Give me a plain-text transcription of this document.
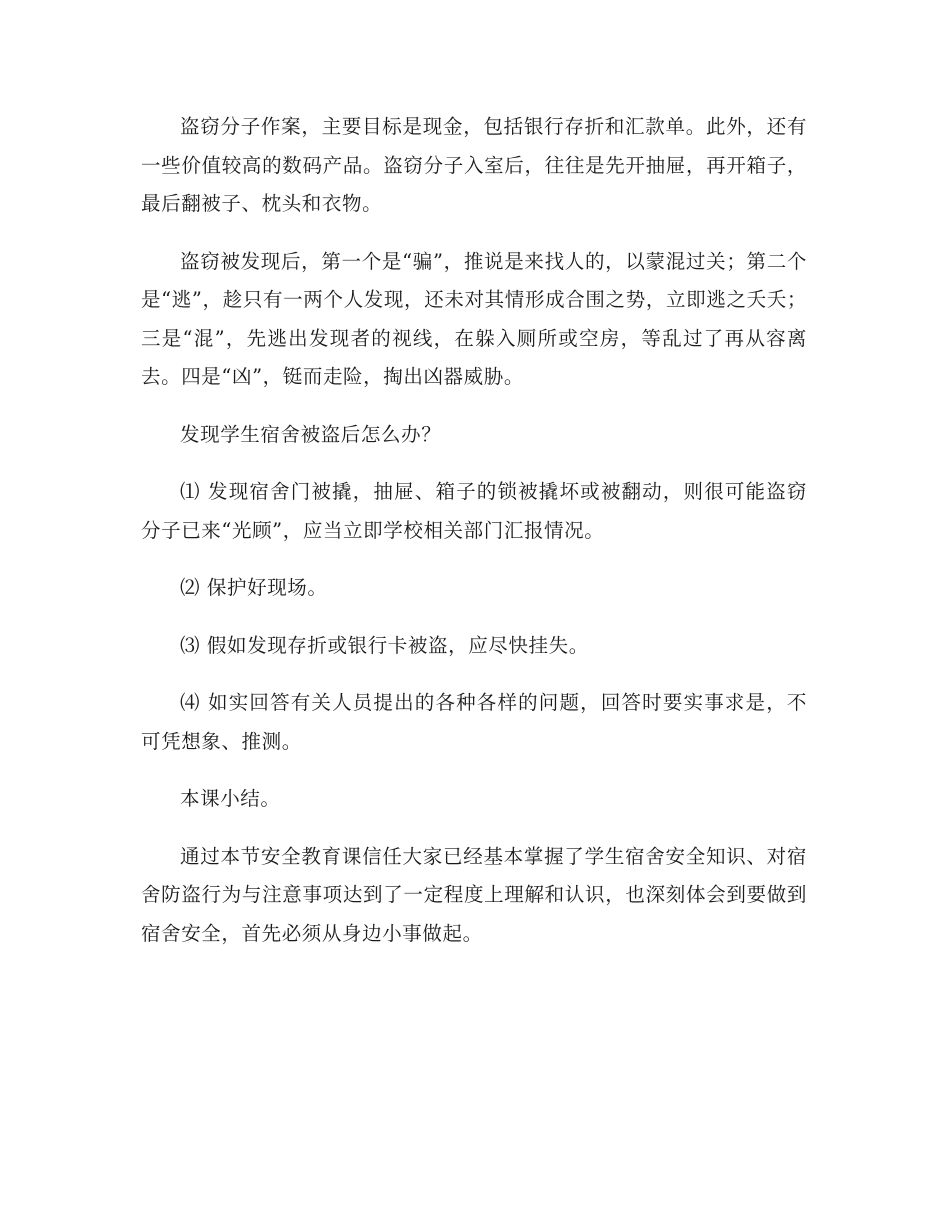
盗窃分子作案，主要目标是现金，包括银行存折和汇款单。此外，还有一些价值较高的数码产品。盗窃分子入室后，往往是先开抽屉，再开箱子，最后翻被子、枕头和衣物。

盗窃被发现后，第一个是“骗”，推说是来找人的，以蒙混过关；第二个是“逃”，趁只有一两个人发现，还未对其情形成合围之势，立即逃之夭夭；三是“混”，先逃出发现者的视线，在躲入厕所或空房，等乱过了再从容离去。四是“凶”，铤而走险，掏出凶器威胁。

发现学生宿舍被盗后怎么办？

⑴ 发现宿舍门被撬，抽屉、箱子的锁被撬坏或被翻动，则很可能盗窃分子已来“光顾”，应当立即学校相关部门汇报情况。

⑵ 保护好现场。

⑶ 假如发现存折或银行卡被盗，应尽快挂失。

⑷ 如实回答有关人员提出的各种各样的问题，回答时要实事求是，不可凭想象、推测。

本课小结。

通过本节安全教育课信任大家已经基本掌握了学生宿舍安全知识、对宿舍防盗行为与注意事项达到了一定程度上理解和认识，也深刻体会到要做到宿舍安全，首先必须从身边小事做起。
